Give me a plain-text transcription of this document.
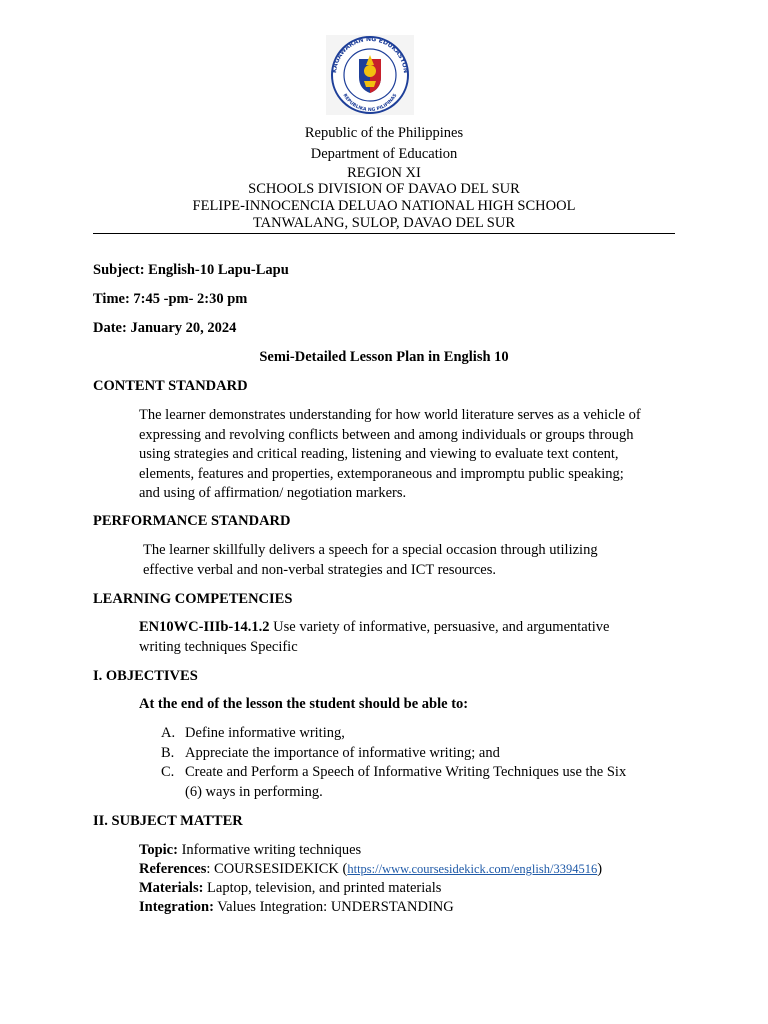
KAGAWARAN NG EDUKASYON
REPUBLIKA NG PILIPINAS
Republic of the Philippines
Department of Education
REGION XI
SCHOOLS DIVISION OF DAVAO DEL SUR
FELIPE-INNOCENCIA DELUAO NATIONAL HIGH SCHOOL
TANWALANG, SULOP, DAVAO DEL SUR
Subject: English-10 Lapu-Lapu
Time: 7:45 -pm- 2:30 pm
Date: January 20, 2024
Semi-Detailed Lesson Plan in English 10
CONTENT STANDARD
The learner demonstrates understanding for how world literature serves as a vehicle of
expressing and revolving conflicts between and among individuals or groups through
using strategies and critical reading, listening and viewing to evaluate text content,
elements, features and properties, extemporaneous and impromptu public speaking;
and using of affirmation/ negotiation markers.
PERFORMANCE STANDARD
The learner skillfully delivers a speech for a special occasion through utilizing
effective verbal and non-verbal strategies and ICT resources.
LEARNING COMPETENCIES
EN10WC-IIIb-14.1.2 Use variety of informative, persuasive, and argumentative
writing techniques Specific
I. OBJECTIVES
At the end of the lesson the student should be able to:
A. Define informative writing,
B. Appreciate the importance of informative writing; and
C. Create and Perform a Speech of Informative Writing Techniques use the Six
(6) ways in performing.
II. SUBJECT MATTER
Topic: Informative writing techniques
References: COURSESIDEKICK (https://www.coursesidekick.com/english/3394516)
Materials: Laptop, television, and printed materials
Integration: Values Integration: UNDERSTANDING
